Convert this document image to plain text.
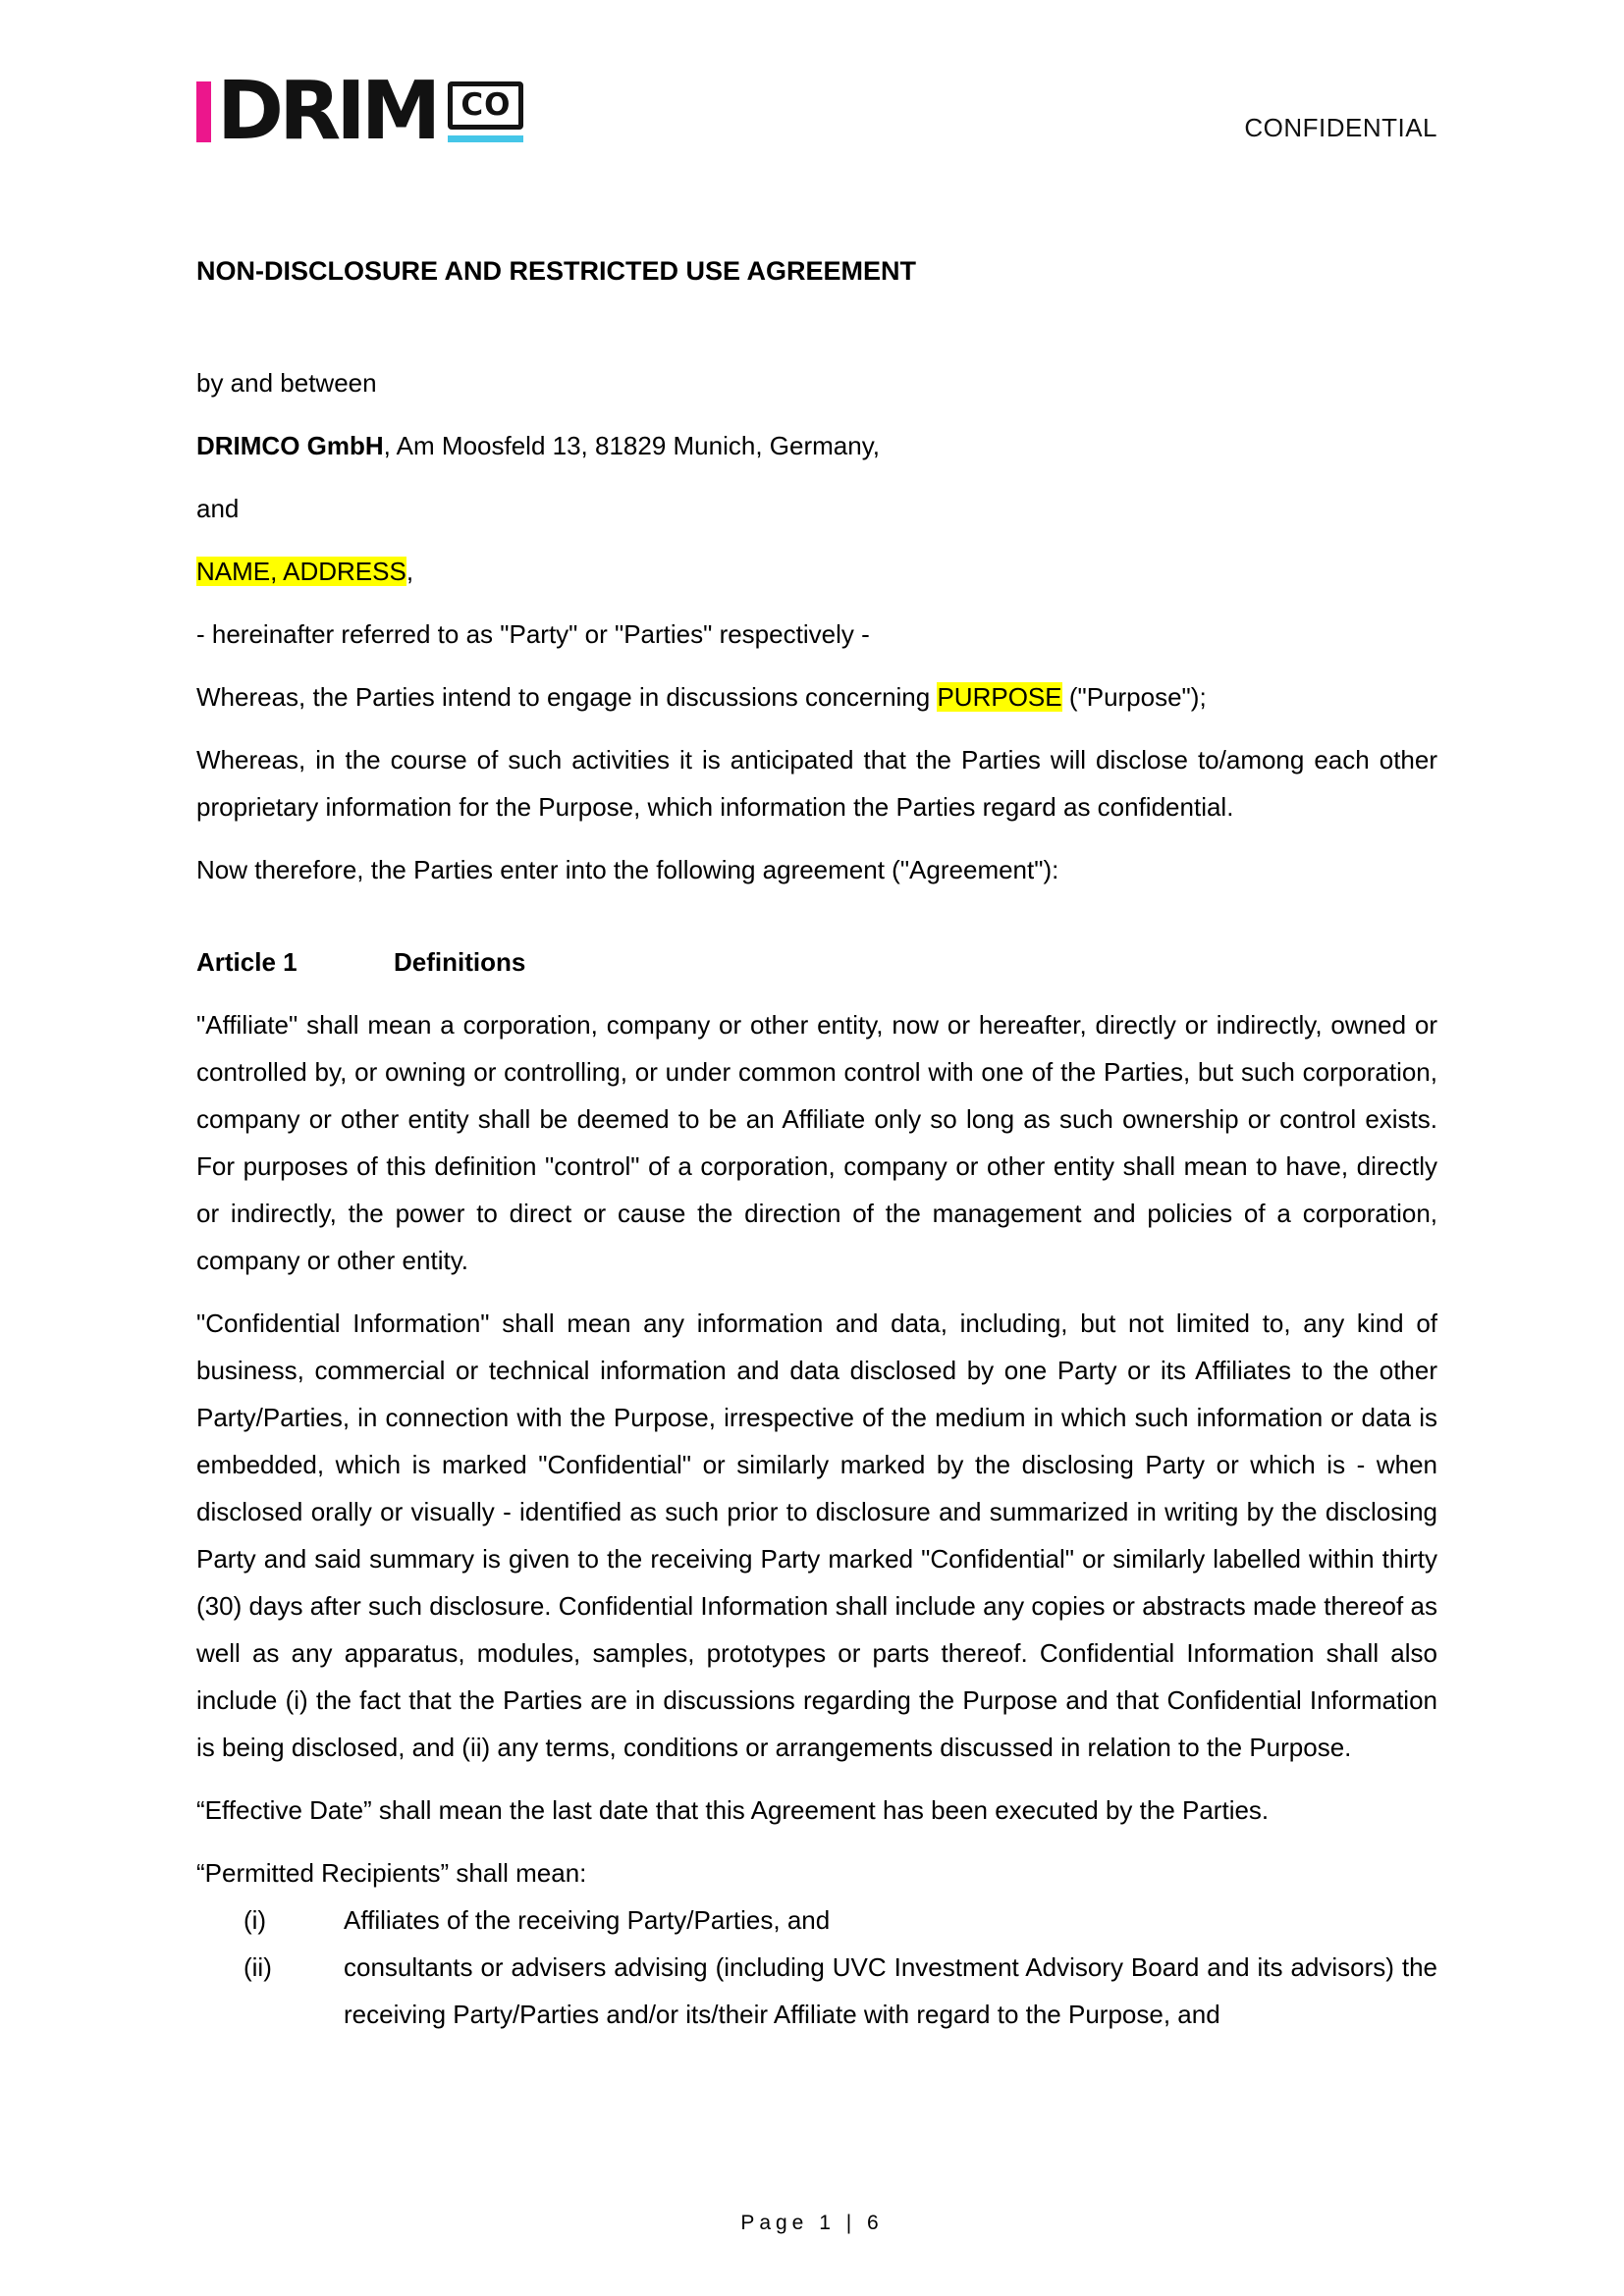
DRIM CO
CONFIDENTIAL
NON-DISCLOSURE AND RESTRICTED USE AGREEMENT

by and between

DRIMCO GmbH, Am Moosfeld 13, 81829 Munich, Germany,

and

NAME, ADDRESS,

- hereinafter referred to as "Party" or "Parties" respectively -

Whereas, the Parties intend to engage in discussions concerning PURPOSE ("Purpose");

Whereas, in the course of such activities it is anticipated that the Parties will disclose to/among each other proprietary information for the Purpose, which information the Parties regard as confidential.

Now therefore, the Parties enter into the following agreement ("Agreement"):

Article 1	Definitions

"Affiliate" shall mean a corporation, company or other entity, now or hereafter, directly or indirectly, owned or controlled by, or owning or controlling, or under common control with one of the Parties, but such corporation, company or other entity shall be deemed to be an Affiliate only so long as such ownership or control exists. For purposes of this definition "control" of a corporation, company or other entity shall mean to have, directly or indirectly, the power to direct or cause the direction of the management and policies of a corporation, company or other entity.

"Confidential Information" shall mean any information and data, including, but not limited to, any kind of business, commercial or technical information and data disclosed by one Party or its Affiliates to the other Party/Parties, in connection with the Purpose, irrespective of the medium in which such information or data is embedded, which is marked "Confidential" or similarly marked by the disclosing Party or which is - when disclosed orally or visually - identified as such prior to disclosure and summarized in writing by the disclosing Party and said summary is given to the receiving Party marked "Confidential" or similarly labelled within thirty (30) days after such disclosure. Confidential Information shall include any copies or abstracts made thereof as well as any apparatus, modules, samples, prototypes or parts thereof. Confidential Information shall also include (i) the fact that the Parties are in discussions regarding the Purpose and that Confidential Information is being disclosed, and (ii) any terms, conditions or arrangements discussed in relation to the Purpose.

“Effective Date” shall mean the last date that this Agreement has been executed by the Parties.

“Permitted Recipients” shall mean:

(i)	Affiliates of the receiving Party/Parties, and
(ii)	consultants or advisers advising (including UVC Investment Advisory Board and its advisors) the receiving Party/Parties and/or its/their Affiliate with regard to the Purpose, and
Page 1 | 6
